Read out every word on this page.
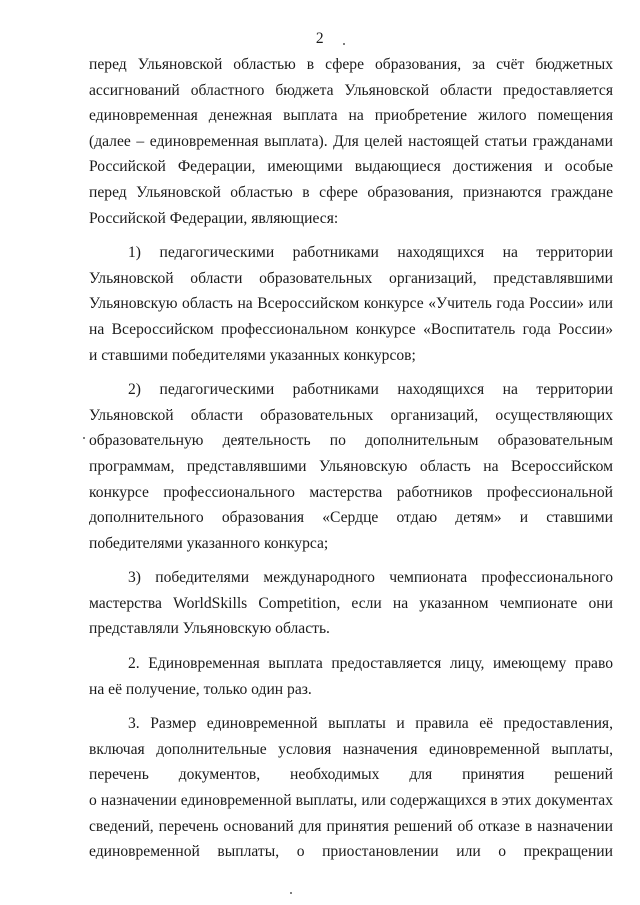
2
перед Ульяновской областью в сфере образования, за счёт бюджетных
ассигнований областного бюджета Ульяновской области предоставляется
единовременная денежная выплата на приобретение жилого помещения
(далее – единовременная выплата). Для целей настоящей статьи гражданами
Российской Федерации, имеющими выдающиеся достижения и особые
перед Ульяновской областью в сфере образования, признаются граждане
Российской Федерации, являющиеся:
1) педагогическими работниками находящихся на территории
Ульяновской области образовательных организаций, представлявшими
Ульяновскую область на Всероссийском конкурсе «Учитель года России» или
на Всероссийском профессиональном конкурсе «Воспитатель года России»
и ставшими победителями указанных конкурсов;
2) педагогическими работниками находящихся на территории
Ульяновской области образовательных организаций, осуществляющих
образовательную деятельность по дополнительным образовательным
программам, представлявшими Ульяновскую область на Всероссийском
конкурсе профессионального мастерства работников профессиональной
дополнительного образования «Сердце отдаю детям» и ставшими
победителями указанного конкурса;
3) победителями международного чемпионата профессионального
мастерства WorldSkills Competition, если на указанном чемпионате они
представляли Ульяновскую область.
2. Единовременная выплата предоставляется лицу, имеющему право
на её получение, только один раз.
3. Размер единовременной выплаты и правила её предоставления,
включая дополнительные условия назначения единовременной выплаты,
перечень документов, необходимых для принятия решений
о назначении единовременной выплаты, или содержащихся в этих документах
сведений, перечень оснований для принятия решений об отказе в назначении
единовременной выплаты, о приостановлении или о прекращении
